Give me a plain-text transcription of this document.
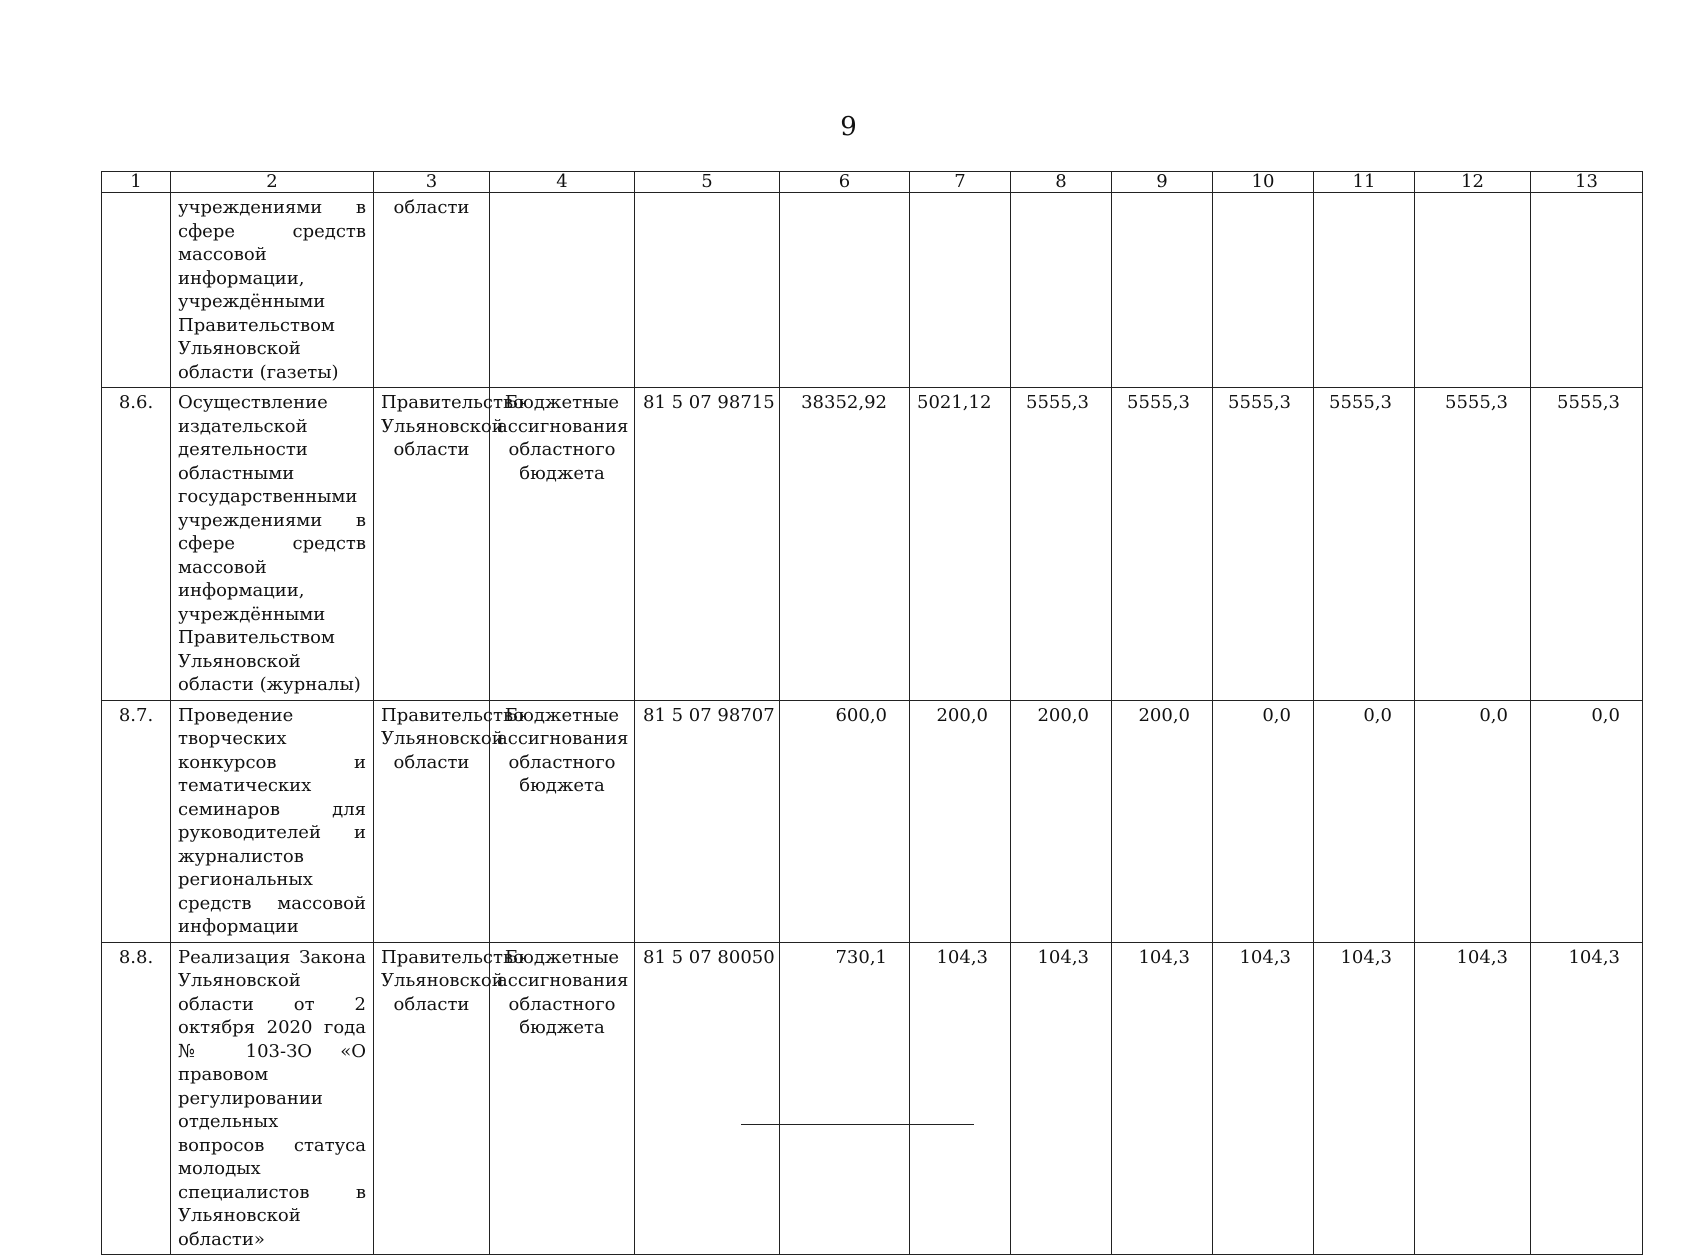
9
1	2	3	4	5	6	7	8	9	10	11	12	13
	учреждениями в сфере средств массовой информации, учреждёнными Правительством Ульяновской области (газеты)	области										
8.6.	Осуществление издательской деятельности областными государственными учреждениями в сфере средств массовой информации, учреждёнными Правительством Ульяновской области (журналы)	Правительство Ульяновской области	Бюджетные ассигнования областного бюджета	81 5 07 98715	38352,92	5021,12	5555,3	5555,3	5555,3	5555,3	5555,3	5555,3
8.7.	Проведение творческих конкурсов и тематических семинаров для руководителей и журналистов региональных средств массовой информации	Правительство Ульяновской области	Бюджетные ассигнования областного бюджета	81 5 07 98707	600,0	200,0	200,0	200,0	0,0	0,0	0,0	0,0
8.8.	Реализация Закона Ульяновской области от 2 октября 2020 года № 103-ЗО «О правовом регулировании отдельных вопросов статуса молодых специалистов в Ульяновской области»	Правительство Ульяновской области	Бюджетные ассигнования областного бюджета	81 5 07 80050	730,1	104,3	104,3	104,3	104,3	104,3	104,3	104,3
